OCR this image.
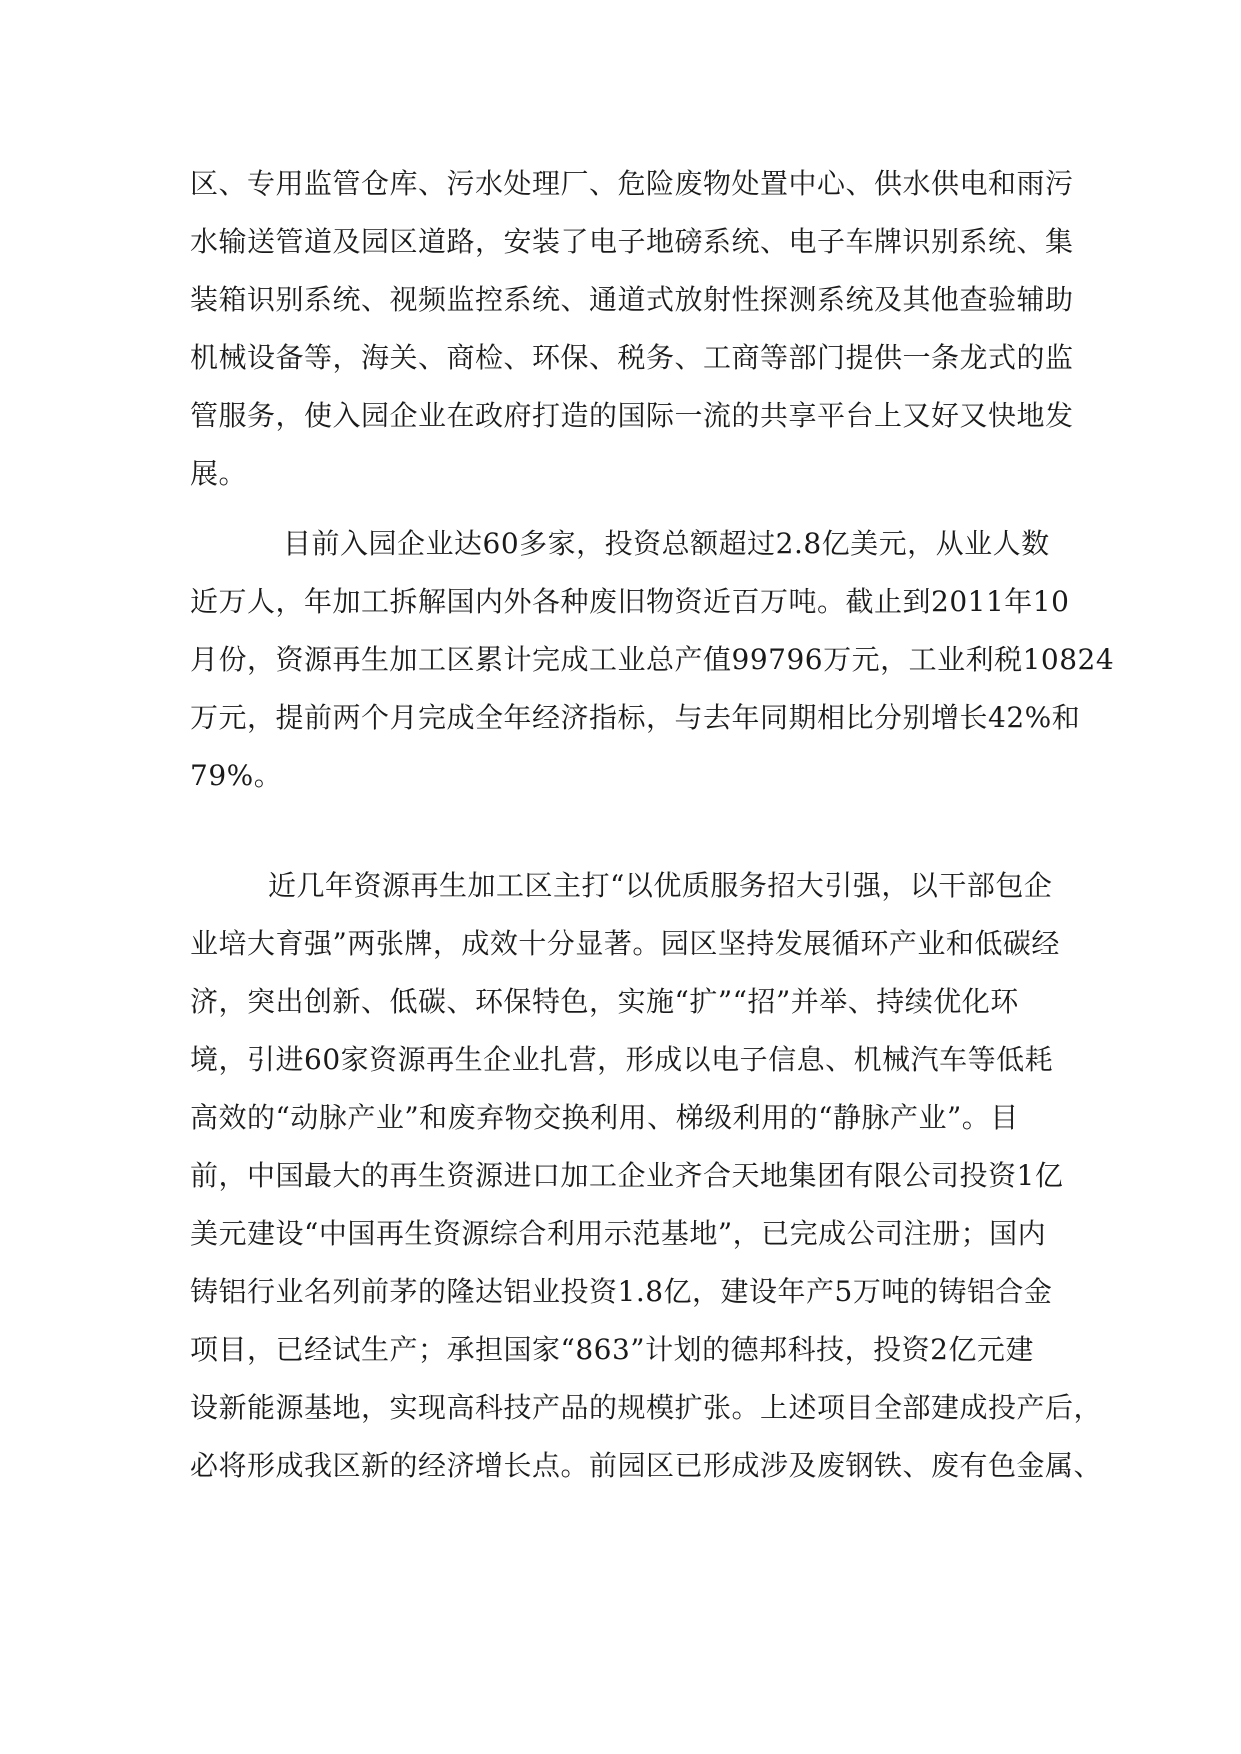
区、专用监管仓库、污水处理厂、危险废物处置中心、供水供电和雨污
水输送管道及园区道路，安装了电子地磅系统、电子车牌识别系统、集
装箱识别系统、视频监控系统、通道式放射性探测系统及其他查验辅助
机械设备等，海关、商检、环保、税务、工商等部门提供一条龙式的监
管服务，使入园企业在政府打造的国际一流的共享平台上又好又快地发
展。
目前入园企业达60多家，投资总额超过2.8亿美元，从业人数
近万人，年加工拆解国内外各种废旧物资近百万吨。截止到2011年10
月份，资源再生加工区累计完成工业总产值99796万元，工业利税10824
万元，提前两个月完成全年经济指标，与去年同期相比分别增长42%和
79%。
近几年资源再生加工区主打“以优质服务招大引强，以干部包企
业培大育强”两张牌，成效十分显著。园区坚持发展循环产业和低碳经
济，突出创新、低碳、环保特色，实施“扩”“招”并举、持续优化环
境，引进60家资源再生企业扎营，形成以电子信息、机械汽车等低耗
高效的“动脉产业”和废弃物交换利用、梯级利用的“静脉产业”。目
前，中国最大的再生资源进口加工企业齐合天地集团有限公司投资1亿
美元建设“中国再生资源综合利用示范基地”，已完成公司注册；国内
铸铝行业名列前茅的隆达铝业投资1.8亿，建设年产5万吨的铸铝合金
项目，已经试生产；承担国家“863”计划的德邦科技，投资2亿元建
设新能源基地，实现高科技产品的规模扩张。上述项目全部建成投产后，
必将形成我区新的经济增长点。前园区已形成涉及废钢铁、废有色金属、
